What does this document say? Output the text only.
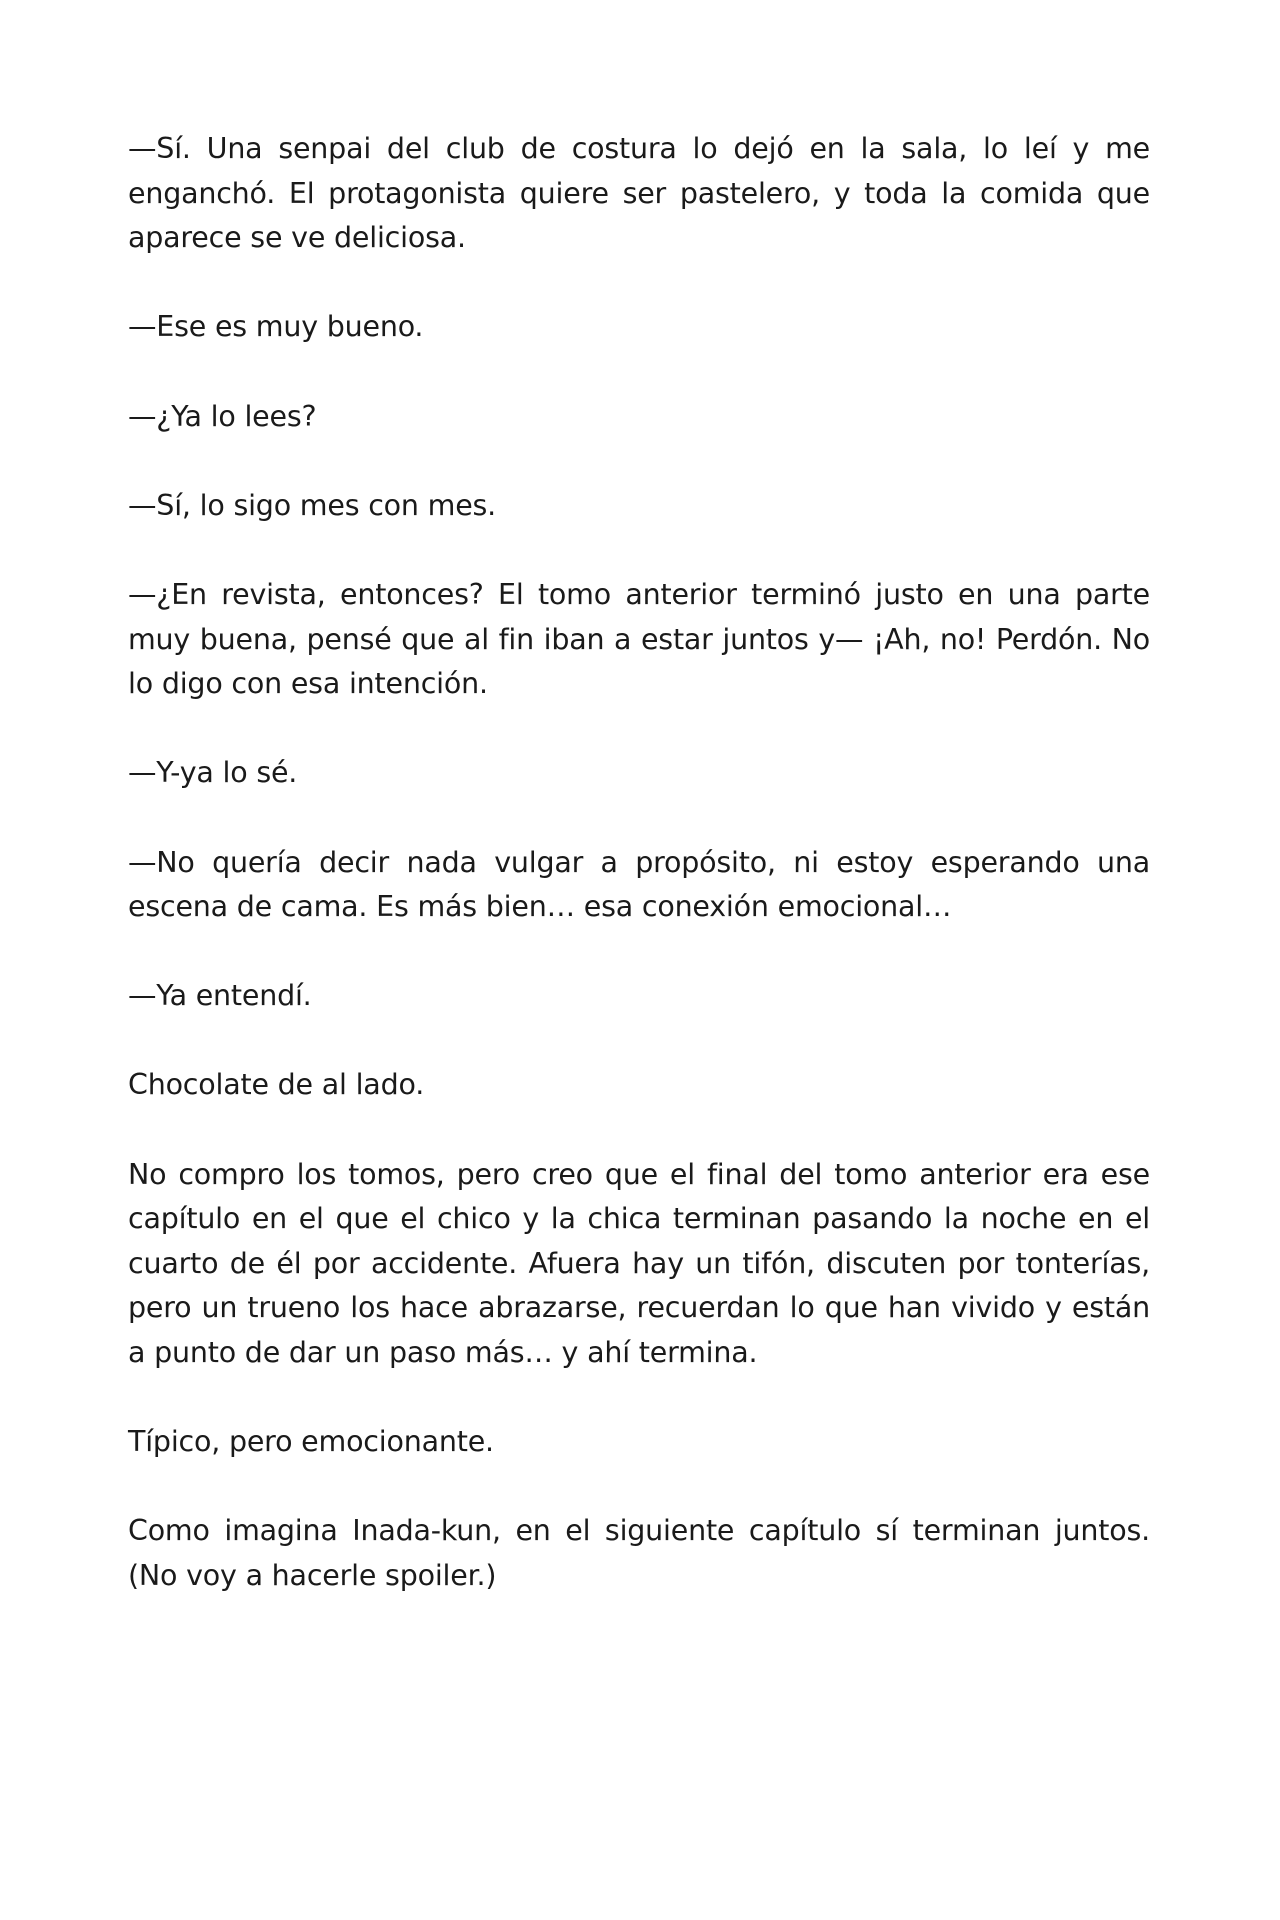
—Sí. Una senpai del club de costura lo dejó en la sala, lo leí y me enganchó. El protagonista quiere ser pastelero, y toda la comida que aparece se ve deliciosa.

—Ese es muy bueno.

—¿Ya lo lees?

—Sí, lo sigo mes con mes.

—¿En revista, entonces? El tomo anterior terminó justo en una parte muy buena, pensé que al fin iban a estar juntos y— ¡Ah, no! Perdón. No lo digo con esa intención.

—Y-ya lo sé.

—No quería decir nada vulgar a propósito, ni estoy esperando una escena de cama. Es más bien… esa conexión emocional…

—Ya entendí.

Chocolate de al lado.

No compro los tomos, pero creo que el final del tomo anterior era ese capítulo en el que el chico y la chica terminan pasando la noche en el cuarto de él por accidente. Afuera hay un tifón, discuten por tonterías, pero un trueno los hace abrazarse, recuerdan lo que han vivido y están a punto de dar un paso más… y ahí termina.

Típico, pero emocionante.

Como imagina Inada-kun, en el siguiente capítulo sí terminan juntos. (No voy a hacerle spoiler.)
